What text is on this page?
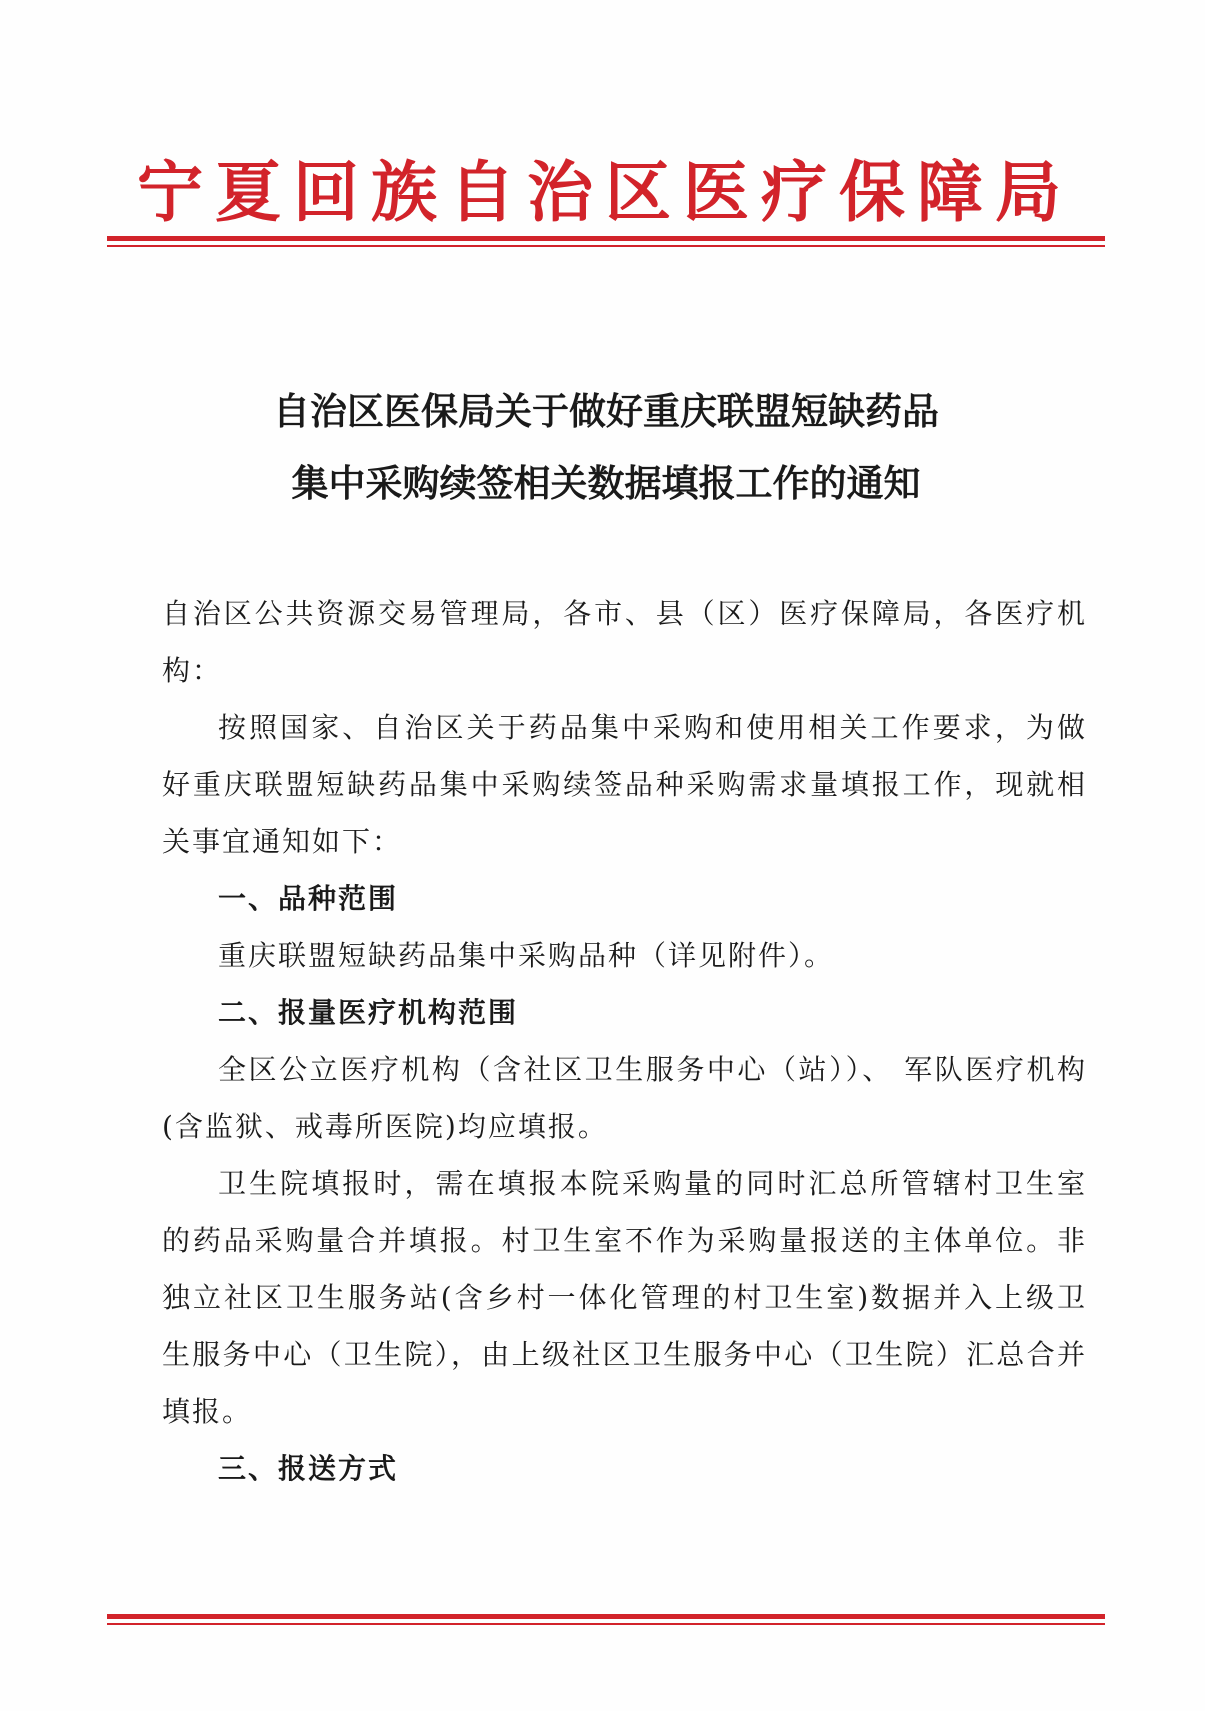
宁夏回族自治区医疗保障局
自治区医保局关于做好重庆联盟短缺药品
集中采购续签相关数据填报工作的通知

自治区公共资源交易管理局，各市、县（区）医疗保障局，各医疗机构：

按照国家、自治区关于药品集中采购和使用相关工作要求，为做好重庆联盟短缺药品集中采购续签品种采购需求量填报工作，现就相关事宜通知如下：

一、品种范围

重庆联盟短缺药品集中采购品种（详见附件）。

二、报量医疗机构范围

全区公立医疗机构（含社区卫生服务中心（站））、 军队医疗机构(含监狱、戒毒所医院)均应填报。

卫生院填报时，需在填报本院采购量的同时汇总所管辖村卫生室的药品采购量合并填报。村卫生室不作为采购量报送的主体单位。非独立社区卫生服务站(含乡村一体化管理的村卫生室)数据并入上级卫生服务中心（卫生院），由上级社区卫生服务中心（卫生院）汇总合并填报。

三、报送方式
